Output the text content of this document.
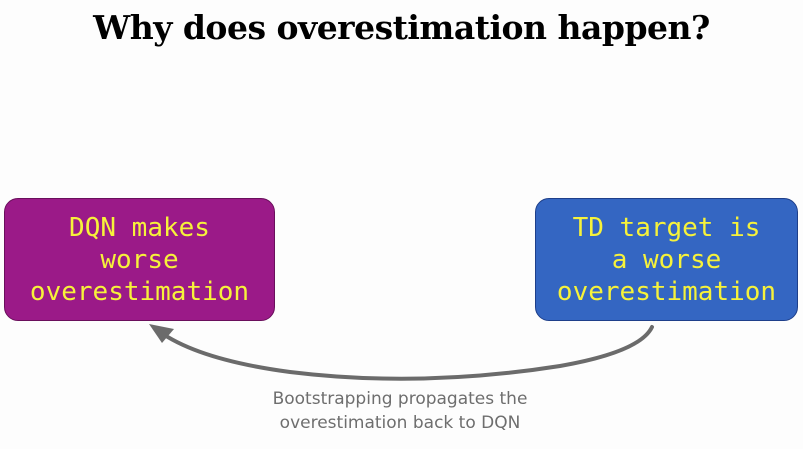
Why does overestimation happen?
DQN makes
worse
overestimation
TD target is
a worse
overestimation
Bootstrapping propagates the
overestimation back to DQN
